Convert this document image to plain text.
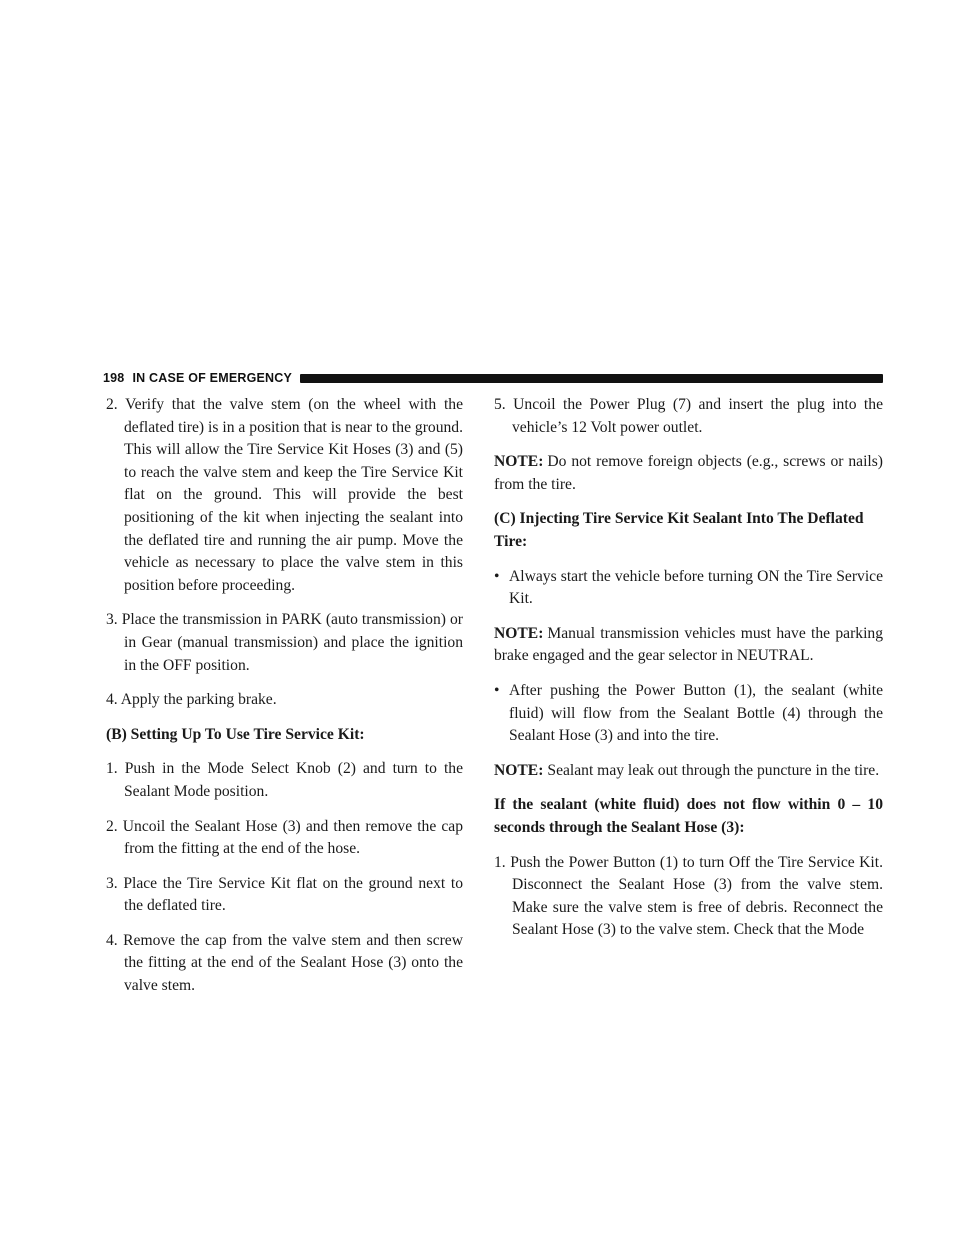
198 IN CASE OF EMERGENCY

2. Verify that the valve stem (on the wheel with the deflated tire) is in a position that is near to the ground. This will allow the Tire Service Kit Hoses (3) and (5) to reach the valve stem and keep the Tire Service Kit flat on the ground. This will provide the best positioning of the kit when injecting the sealant into the deflated tire and running the air pump. Move the vehicle as necessary to place the valve stem in this position before proceeding.

3. Place the transmission in PARK (auto transmission) or in Gear (manual transmission) and place the ignition in the OFF position.

4. Apply the parking brake.

(B) Setting Up To Use Tire Service Kit:

1. Push in the Mode Select Knob (2) and turn to the Sealant Mode position.

2. Uncoil the Sealant Hose (3) and then remove the cap from the fitting at the end of the hose.

3. Place the Tire Service Kit flat on the ground next to the deflated tire.

4. Remove the cap from the valve stem and then screw the fitting at the end of the Sealant Hose (3) onto the valve stem.

5. Uncoil the Power Plug (7) and insert the plug into the vehicle’s 12 Volt power outlet.

NOTE: Do not remove foreign objects (e.g., screws or nails) from the tire.

(C) Injecting Tire Service Kit Sealant Into The Deflated Tire:

• Always start the vehicle before turning ON the Tire Service Kit.

NOTE: Manual transmission vehicles must have the parking brake engaged and the gear selector in NEUTRAL.

• After pushing the Power Button (1), the sealant (white fluid) will flow from the Sealant Bottle (4) through the Sealant Hose (3) and into the tire.

NOTE: Sealant may leak out through the puncture in the tire.

If the sealant (white fluid) does not flow within 0 – 10 seconds through the Sealant Hose (3):

1. Push the Power Button (1) to turn Off the Tire Service Kit. Disconnect the Sealant Hose (3) from the valve stem. Make sure the valve stem is free of debris. Reconnect the Sealant Hose (3) to the valve stem. Check that the Mode
